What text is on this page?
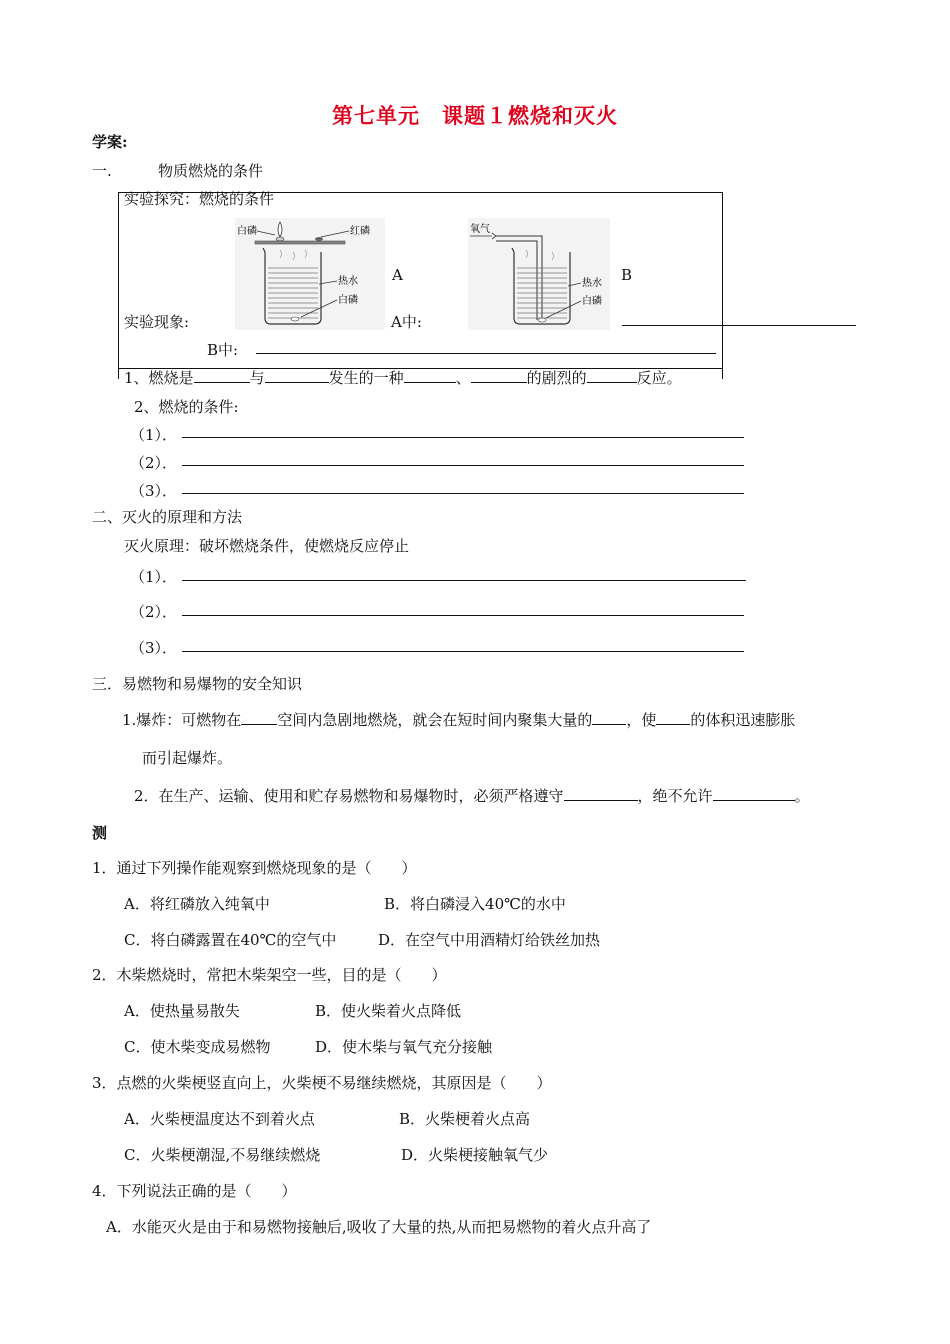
第七单元　课题１燃烧和灭火
学案:
一.	物质燃烧的条件
实验探究：燃烧的条件
白磷	红磷
热水
白磷
A
氧气
热水
白磷
B
实验现象:	A中:
B中:
1、燃烧是	与	发生的一种	、	的剧烈的	反应。
2、燃烧的条件:
（1）．
（2）．
（3）．
二、灭火的原理和方法
灭火原理：破坏燃烧条件，使燃烧反应停止
（1）．
（2）．
（3）．
三．易燃物和易爆物的安全知识
1.爆炸：可燃物在 空间内急剧地燃烧，就会在短时间内聚集大量的 ，使 的体积迅速膨胀
而引起爆炸。
2．在生产、运输、使用和贮存易燃物和易爆物时，必须严格遵守	，绝不允许	。
测
1．通过下列操作能观察到燃烧现象的是（　　）
A．将红磷放入纯氧中	B．将白磷浸入40℃的水中
C．将白磷露置在40℃的空气中	D．在空气中用酒精灯给铁丝加热
2．木柴燃烧时，常把木柴架空一些，目的是（　　）
A．使热量易散失	B．使火柴着火点降低
C．使木柴变成易燃物	D．使木柴与氧气充分接触
3．点燃的火柴梗竖直向上，火柴梗不易继续燃烧，其原因是（　　）
A．火柴梗温度达不到着火点	B．火柴梗着火点高
C．火柴梗潮湿,不易继续燃烧	D．火柴梗接触氧气少
4．下列说法正确的是（　　）
A．水能灭火是由于和易燃物接触后,吸收了大量的热,从而把易燃物的着火点升高了
